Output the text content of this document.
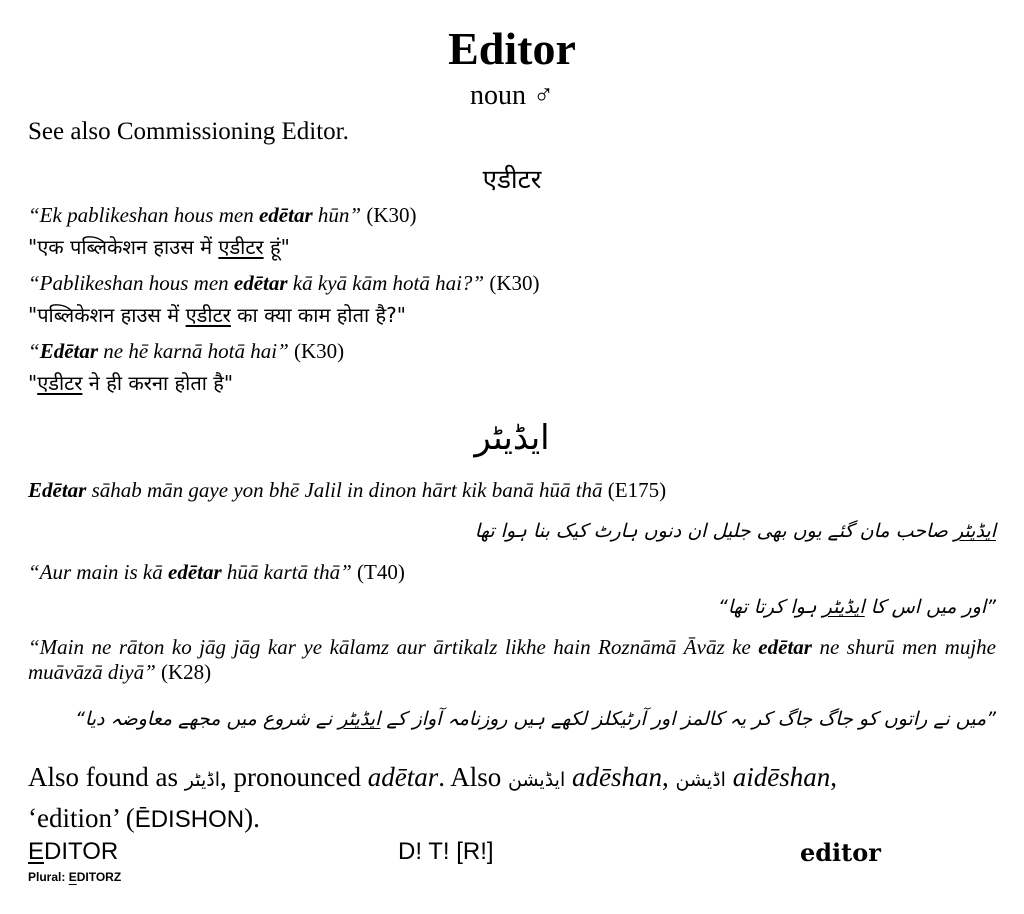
Editor
noun ♂
See also Commissioning Editor.
एडीटर
“Ek pablikeshan hous men edētar hūn” (K30)
"एक पब्लिकेशन हाउस में एडीटर हूं"
“Pablikeshan hous men edētar kā kyā kām hotā hai?” (K30)
"पब्लिकेशन हाउस में एडीटर का क्या काम होता है?"
“Edētar ne hē karnā hotā hai” (K30)
"एडीटर ने ही करना होता है"
ایڈیٹر
Edētar sāhab mān gaye yon bhē Jalil in dinon hārt kik banā hūā thā (E175)
ایڈیٹر صاحب مان گئے یوں بھی جلیل ان دنوں ہارٹ کیک بنا ہوا تھا
“Aur main is kā edētar hūā kartā thā” (T40)
”اور میں اس کا ایڈیٹر ہوا کرتا تھا“
“Main ne rāton ko jāg jāg kar ye kālamz aur ārtikalz likhe hain Roznāmā Āvāz ke edētar ne shurū men mujhe muāvāzā diyā” (K28)
”میں نے راتوں کو جاگ جاگ کر یہ کالمز اور آرٹیکلز لکھے ہیں روزنامہ آواز کے ایڈیٹر نے شروع میں مجھے معاوضہ دیا“
Also found as اڈیٹر, pronounced adētar. Also ایڈیشن adēshan, اڈیشن aidēshan,
‘edition’ (ĒDISHON).
EDITOR	D! T! [R!]	editor
Plural: EDITORZ
